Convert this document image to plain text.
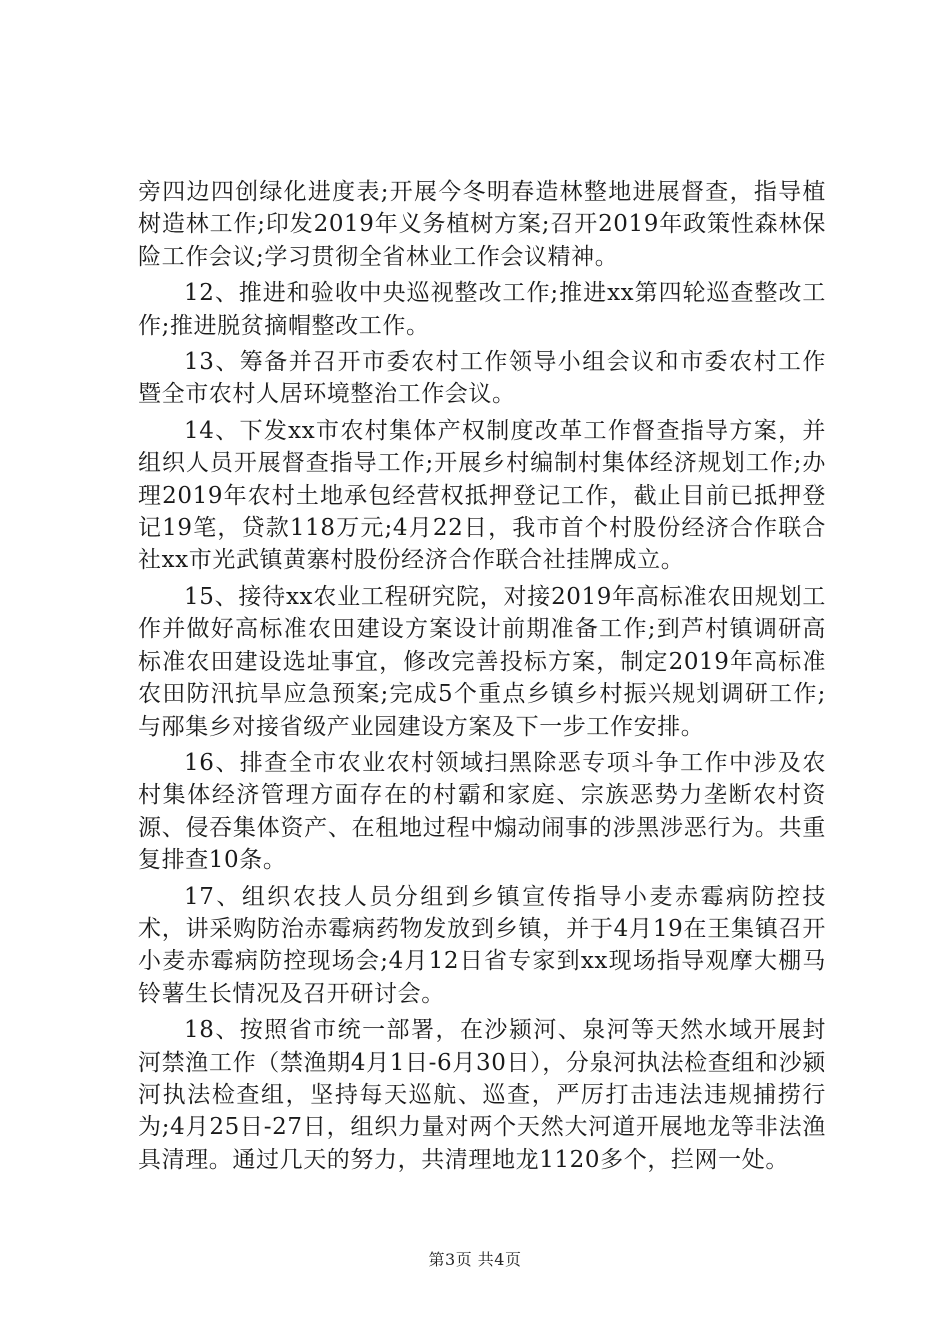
旁四边四创绿化进度表;开展今冬明春造林整地进展督查，指导植树造林工作;印发2019年义务植树方案;召开2019年政策性森林保险工作会议;学习贯彻全省林业工作会议精神。

12、推进和验收中央巡视整改工作;推进xx第四轮巡查整改工作;推进脱贫摘帽整改工作。

13、筹备并召开市委农村工作领导小组会议和市委农村工作暨全市农村人居环境整治工作会议。

14、下发xx市农村集体产权制度改革工作督查指导方案，并组织人员开展督查指导工作;开展乡村编制村集体经济规划工作;办理2019年农村土地承包经营权抵押登记工作，截止目前已抵押登记19笔，贷款118万元;4月22日，我市首个村股份经济合作联合社xx市光武镇黄寨村股份经济合作联合社挂牌成立。

15、接待xx农业工程研究院，对接2019年高标准农田规划工作并做好高标准农田建设方案设计前期准备工作;到芦村镇调研高标准农田建设选址事宜，修改完善投标方案，制定2019年高标准农田防汛抗旱应急预案;完成5个重点乡镇乡村振兴规划调研工作;与邴集乡对接省级产业园建设方案及下一步工作安排。

16、排查全市农业农村领域扫黑除恶专项斗争工作中涉及农村集体经济管理方面存在的村霸和家庭、宗族恶势力垄断农村资源、侵吞集体资产、在租地过程中煽动闹事的涉黑涉恶行为。共重复排查10条。

17、组织农技人员分组到乡镇宣传指导小麦赤霉病防控技术，讲采购防治赤霉病药物发放到乡镇，并于4月19在王集镇召开小麦赤霉病防控现场会;4月12日省专家到xx现场指导观摩大棚马铃薯生长情况及召开研讨会。

18、按照省市统一部署，在沙颍河、泉河等天然水域开展封河禁渔工作（禁渔期4月1日-6月30日），分泉河执法检查组和沙颍河执法检查组，坚持每天巡航、巡查，严厉打击违法违规捕捞行为;4月25日-27日，组织力量对两个天然大河道开展地龙等非法渔具清理。通过几天的努力，共清理地龙1120多个，拦网一处。

第3页 共4页
